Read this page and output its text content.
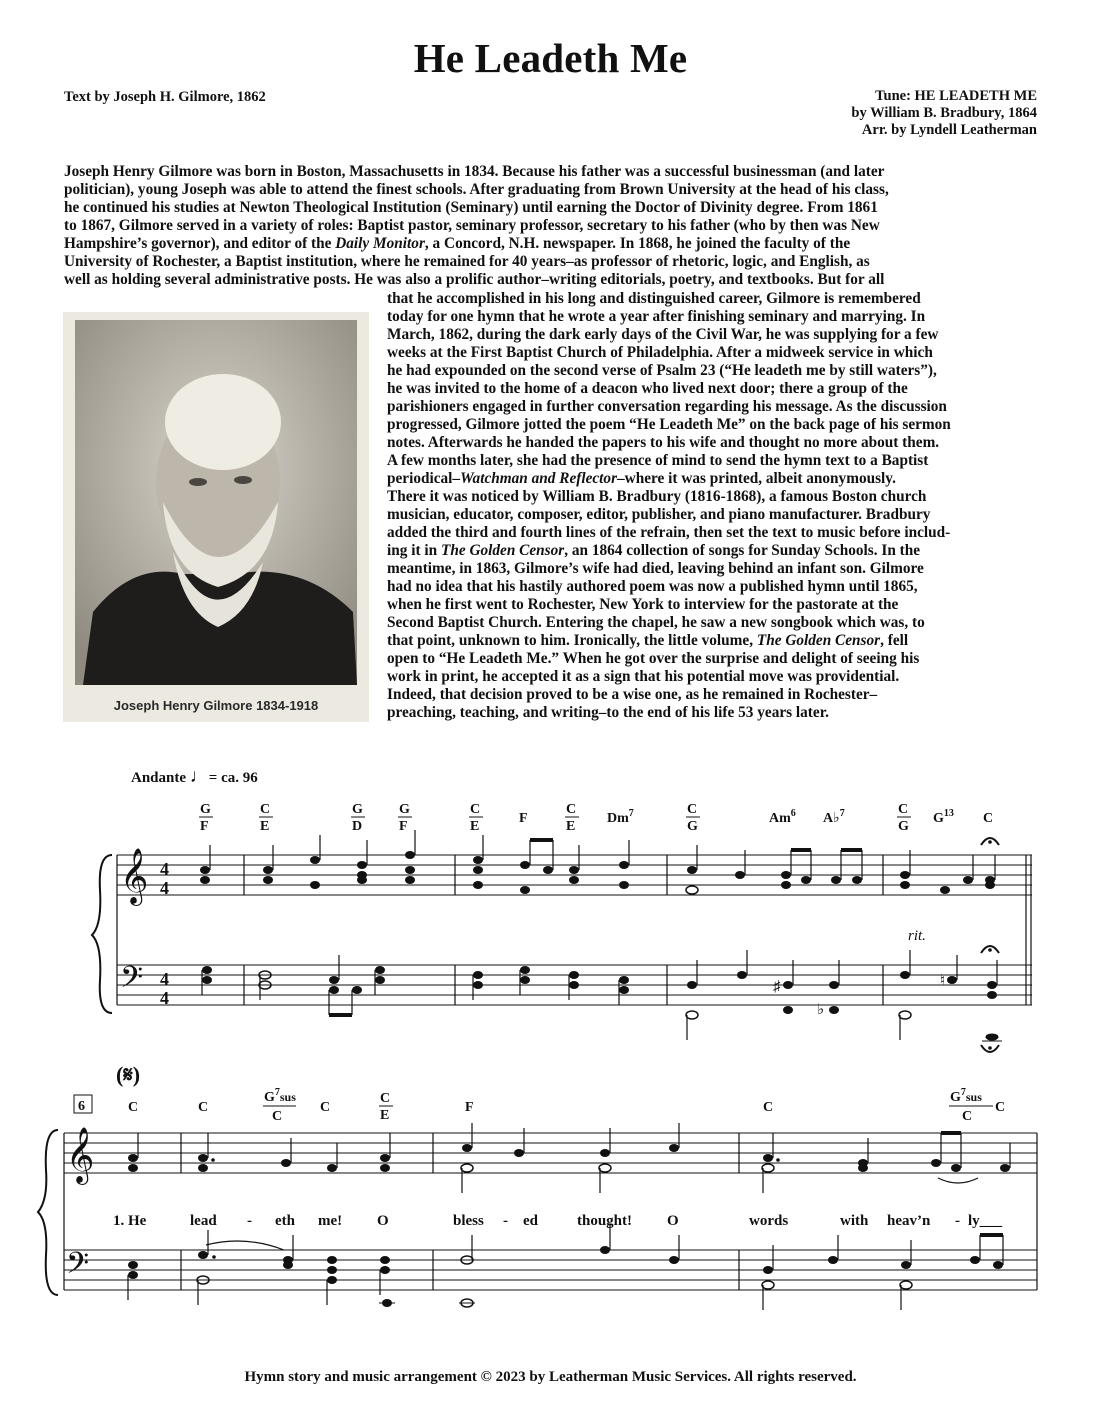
He Leadeth Me
Text by Joseph H. Gilmore, 1862	Tune: HE LEADETH ME
by William B. Bradbury, 1864
Arr. by Lyndell Leatherman
Joseph Henry Gilmore was born in Boston, Massachusetts in 1834. Because his father was a successful businessman (and later
politician), young Joseph was able to attend the finest schools. After graduating from Brown University at the head of his class,
he continued his studies at Newton Theological Institution (Seminary) until earning the Doctor of Divinity degree. From 1861
to 1867, Gilmore served in a variety of roles: Baptist pastor, seminary professor, secretary to his father (who by then was New
Hampshire’s governor), and editor of the Daily Monitor, a Concord, N.H. newspaper. In 1868, he joined the faculty of the
University of Rochester, a Baptist institution, where he remained for 40 years–as professor of rhetoric, logic, and English, as
well as holding several administrative posts. He was also a prolific author–writing editorials, poetry, and textbooks. But for all
Joseph Henry Gilmore 1834-1918
that he accomplished in his long and distinguished career, Gilmore is remembered
today for one hymn that he wrote a year after finishing seminary and marrying. In
March, 1862, during the dark early days of the Civil War, he was supplying for a few
weeks at the First Baptist Church of Philadelphia. After a midweek service in which
he had expounded on the second verse of Psalm 23 (“He leadeth me by still waters”),
he was invited to the home of a deacon who lived next door; there a group of the
parishioners engaged in further conversation regarding his message. As the discussion
progressed, Gilmore jotted the poem “He Leadeth Me” on the back page of his sermon
notes. Afterwards he handed the papers to his wife and thought no more about them.
A few months later, she had the presence of mind to send the hymn text to a Baptist
periodical–Watchman and Reflector–where it was printed, albeit anonymously.
There it was noticed by William B. Bradbury (1816-1868), a famous Boston church
musician, educator, composer, editor, publisher, and piano manufacturer. Bradbury
added the third and fourth lines of the refrain, then set the text to music before includ-
ing it in The Golden Censor, an 1864 collection of songs for Sunday Schools. In the
meantime, in 1863, Gilmore’s wife had died, leaving behind an infant son. Gilmore
had no idea that his hastily authored poem was now a published hymn until 1865,
when he first went to Rochester, New York to interview for the pastorate at the
Second Baptist Church. Entering the chapel, he saw a new songbook which was, to
that point, unknown to him. Ironically, the little volume, The Golden Censor, fell
open to “He Leadeth Me.” When he got over the surprise and delight of seeing his
work in print, he accepted it as a sign that his potential move was providential.
Indeed, that decision proved to be a wise one, as he remained in Rochester–
preaching, teaching, and writing–to the end of his life 53 years later.
Andante ♩= ca. 96
G
F
C
E
G
D
G
F
C
E
F
C
E
Dm$^7$	C
G
Am$^6$ A♭$^7$	C
G
$G^{13}$ C
𝄞
𝄢
4
4
4
4
rit.
♯
♭
♮
(𝄋)
6	C	C
$G^7sus$
C
C
C
E
F	C
$G^7sus$
C
C
𝄞
𝄢
1. He	lead - eth me! O	bless - ed	thought! O	words	with heav’n - ly___
Hymn story and music arrangement © 2023 by Leatherman Music Services. All rights reserved.
